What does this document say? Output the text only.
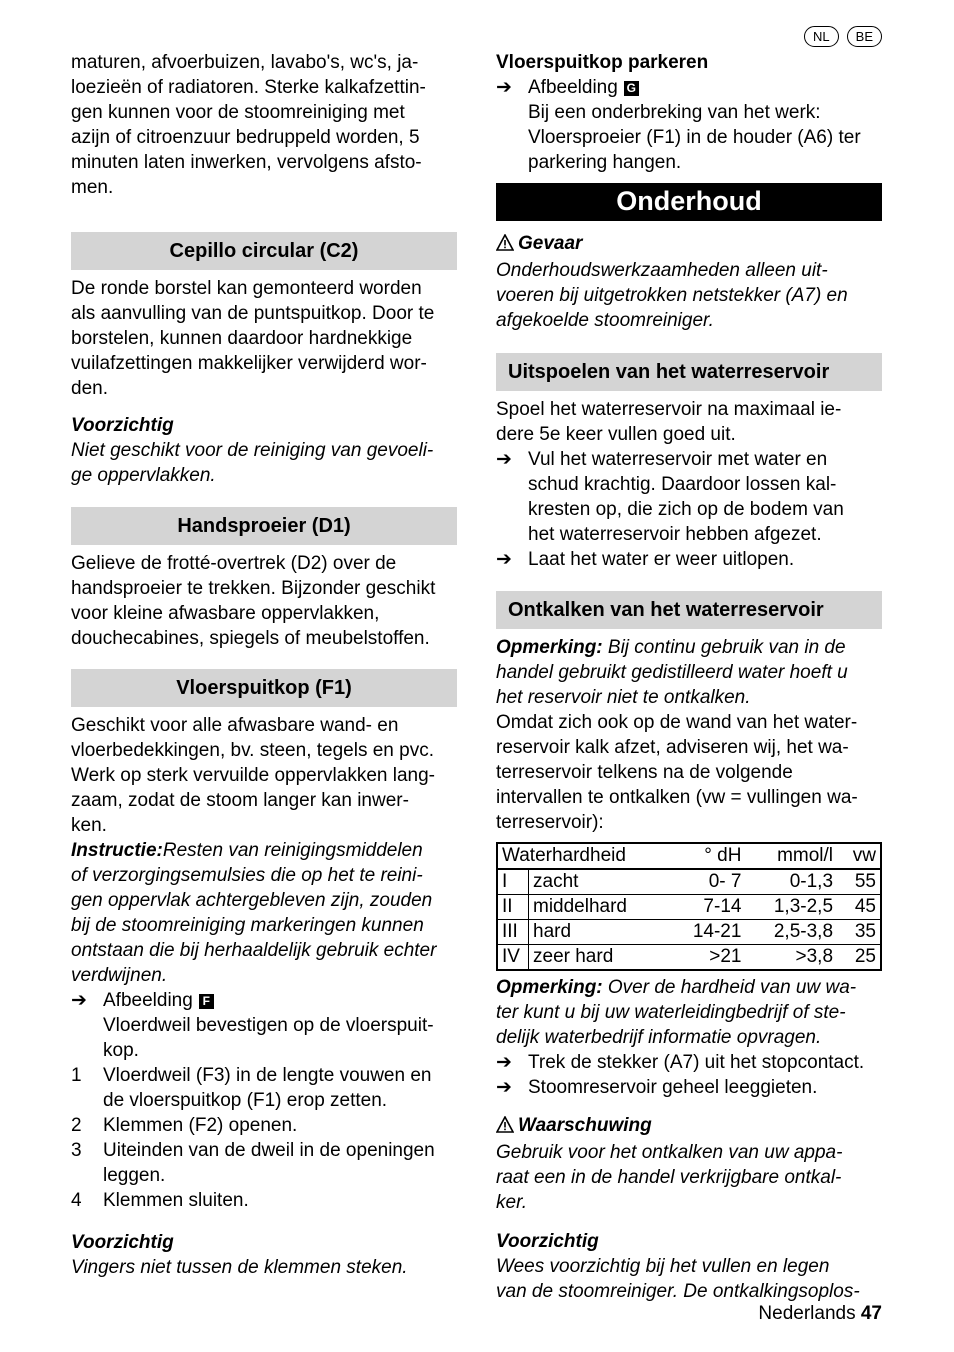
NL	BE

maturen, afvoerbuizen, lavabo's, wc's, ja-

loezieën of radiatoren. Sterke kalkafzettin-

gen kunnen voor de stoomreiniging met

azijn of citroenzuur bedruppeld worden, 5

minuten laten inwerken, vervolgens afsto-

men.

Cepillo circular (C2)

De ronde borstel kan gemonteerd worden

als aanvulling van de puntspuitkop. Door te

borstelen, kunnen daardoor hardnekkige

vuilafzettingen makkelijker verwijderd wor-

den.

Voorzichtig

Niet geschikt voor de reiniging van gevoeli-

ge oppervlakken.

Handsproeier (D1)

Gelieve de frotté-overtrek (D2) over de

handsproeier te trekken. Bijzonder geschikt

voor kleine afwasbare oppervlakken,

douchecabines, spiegels of meubelstoffen.

Vloerspuitkop (F1)

Geschikt voor alle afwasbare wand- en

vloerbedekkingen, bv. steen, tegels en pvc.

Werk op sterk vervuilde oppervlakken lang-

zaam, zodat de stoom langer kan inwer-

ken.

Instructie:Resten van reinigingsmiddelen

of verzorgingsemulsies die op het te reini-

gen oppervlak achtergebleven zijn, zouden

bij de stoomreiniging markeringen kunnen

ontstaan die bij herhaaldelijk gebruik echter

verdwijnen.

➔ Afbeelding F

Vloerdweil bevestigen op de vloerspuit-

kop.

1	Vloerdweil (F3) in de lengte vouwen en

de vloerspuitkop (F1) erop zetten.

2	Klemmen (F2) openen.

3	Uiteinden van de dweil in de openingen

leggen.

4	Klemmen sluiten.

Voorzichtig

Vingers niet tussen de klemmen steken.

Vloerspuitkop parkeren

➔ Afbeelding G

Bij een onderbreking van het werk:

Vloersproeier (F1) in de houder (A6) ter

parkering hangen.

Onderhoud

Gevaar

Onderhoudswerkzaamheden alleen uit-

voeren bij uitgetrokken netstekker (A7) en

afgekoelde stoomreiniger.

Uitspoelen van het waterreservoir

Spoel het waterreservoir na maximaal ie-

dere 5e keer vullen goed uit.

➔ Vul het waterreservoir met water en

schud krachtig. Daardoor lossen kal-

kresten op, die zich op de bodem van

het waterreservoir hebben afgezet.

➔ Laat het water er weer uitlopen.

Ontkalken van het waterreservoir

Opmerking: Bij continu gebruik van in de

handel gebruikt gedistilleerd water hoeft u

het reservoir niet te ontkalken.

Omdat zich ook op de wand van het water-

reservoir kalk afzet, adviseren wij, het wa-

terreservoir telkens na de volgende

intervallen te ontkalken (vw = vullingen wa-

terreservoir):

Waterhardheid		° dH	mmol/l	vw
I	zacht	0- 7	0-1,3	55
II	middelhard	7-14	1,3-2,5	45
III	hard	14-21	2,5-3,8	35
IV	zeer hard	>21	>3,8	25

Opmerking: Over de hardheid van uw wa-

ter kunt u bij uw waterleidingbedrijf of ste-

delijk waterbedrijf informatie opvragen.

➔ Trek de stekker (A7) uit het stopcontact.

➔ Stoomreservoir geheel leeggieten.

Waarschuwing

Gebruik voor het ontkalken van uw appa-

raat een in de handel verkrijgbare ontkal-

ker.

Voorzichtig

Wees voorzichtig bij het vullen en legen

van de stoomreiniger. De ontkalkingsoplos-

Nederlands 47
